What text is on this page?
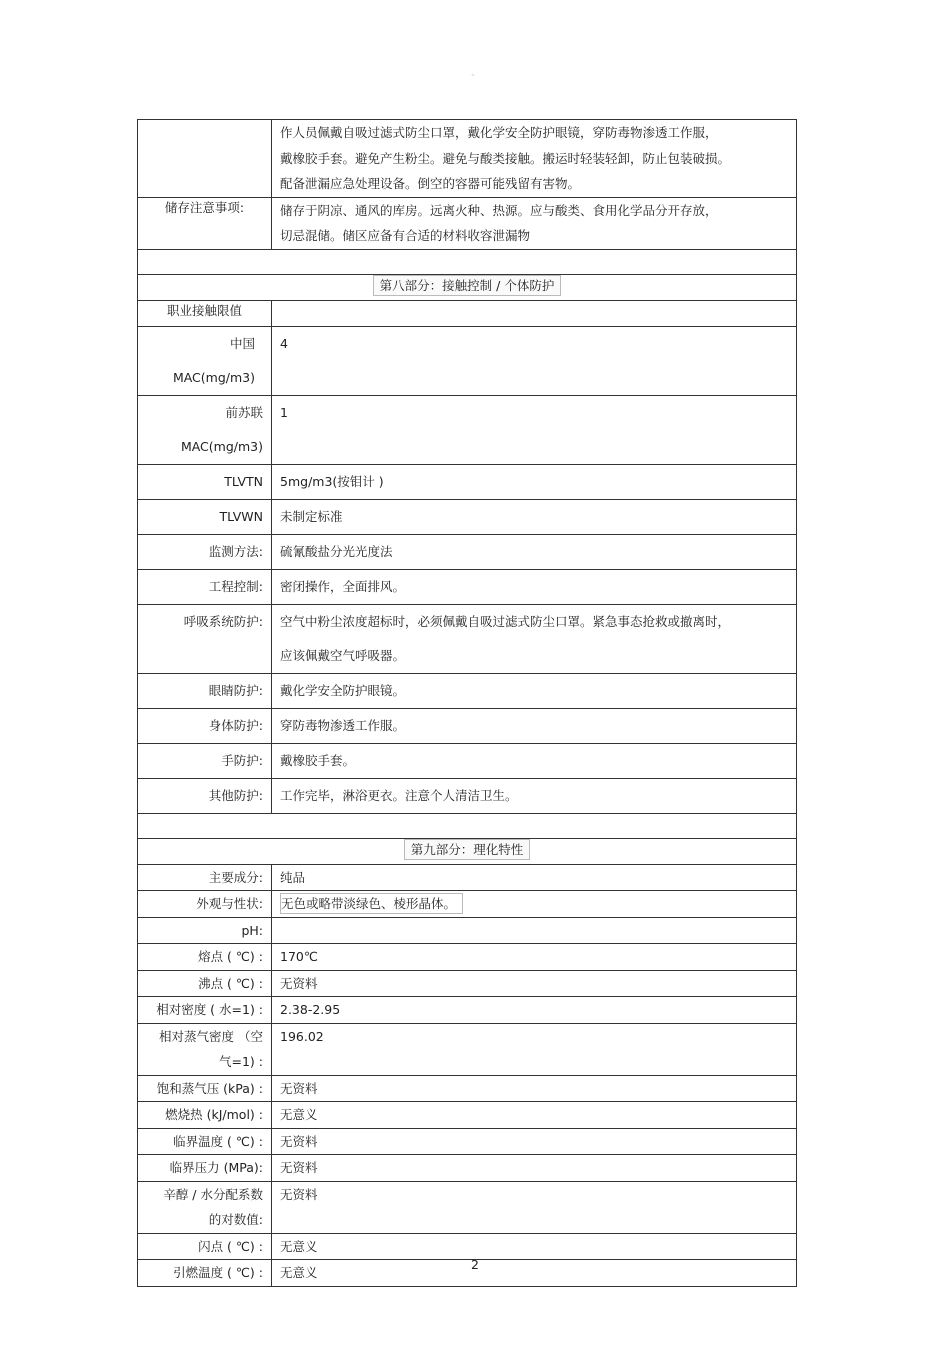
。

	作人员佩戴自吸过滤式防尘口罩，戴化学安全防护眼镜，穿防毒物渗透工作服，
戴橡胶手套。避免产生粉尘。避免与酸类接触。搬运时轻装轻卸，防止包装破损。
配备泄漏应急处理设备。倒空的容器可能残留有害物。

储存注意事项:	储存于阴凉、通风的库房。远离火种、热源。应与酸类、食用化学品分开存放，
切忌混储。储区应备有合适的材料收容泄漏物

第八部分：接触控制 / 个体防护	
职业接触限值	
中国 MAC(mg/m3)	4

前苏联
MAC(mg/m3)	1
TLVTN	5mg/m3(按钼计 )
TLVWN	未制定标准
监测方法:	硫氰酸盐分光光度法
工程控制:	密闭操作，全面排风。
呼吸系统防护:	空气中粉尘浓度超标时，必须佩戴自吸过滤式防尘口罩。紧急事态抢救或撤离时，
应该佩戴空气呼吸器。

眼睛防护:	戴化学安全防护眼镜。
身体防护:	穿防毒物渗透工作服。
手防护:	戴橡胶手套。
其他防护:	工作完毕，淋浴更衣。注意个人清洁卫生。

第九部分：理化特性	
主要成分:	纯品
外观与性状:	无色或略带淡绿色、棱形晶体。
pH:	
熔点 ( ℃) :	170℃
沸点 ( ℃) :	无资料
相对密度 ( 水=1) :	2.38-2.95

相对蒸气密度 （空
气=1) :	196.02
饱和蒸气压 (kPa) :	无资料
燃烧热 (kJ/mol) :	无意义
临界温度 ( ℃) :	无资料
临界压力 (MPa):	无资料

辛醇 / 水分配系数
的对数值:	无资料
闪点 ( ℃) :	无意义
引燃温度 ( ℃) :	无意义
2
